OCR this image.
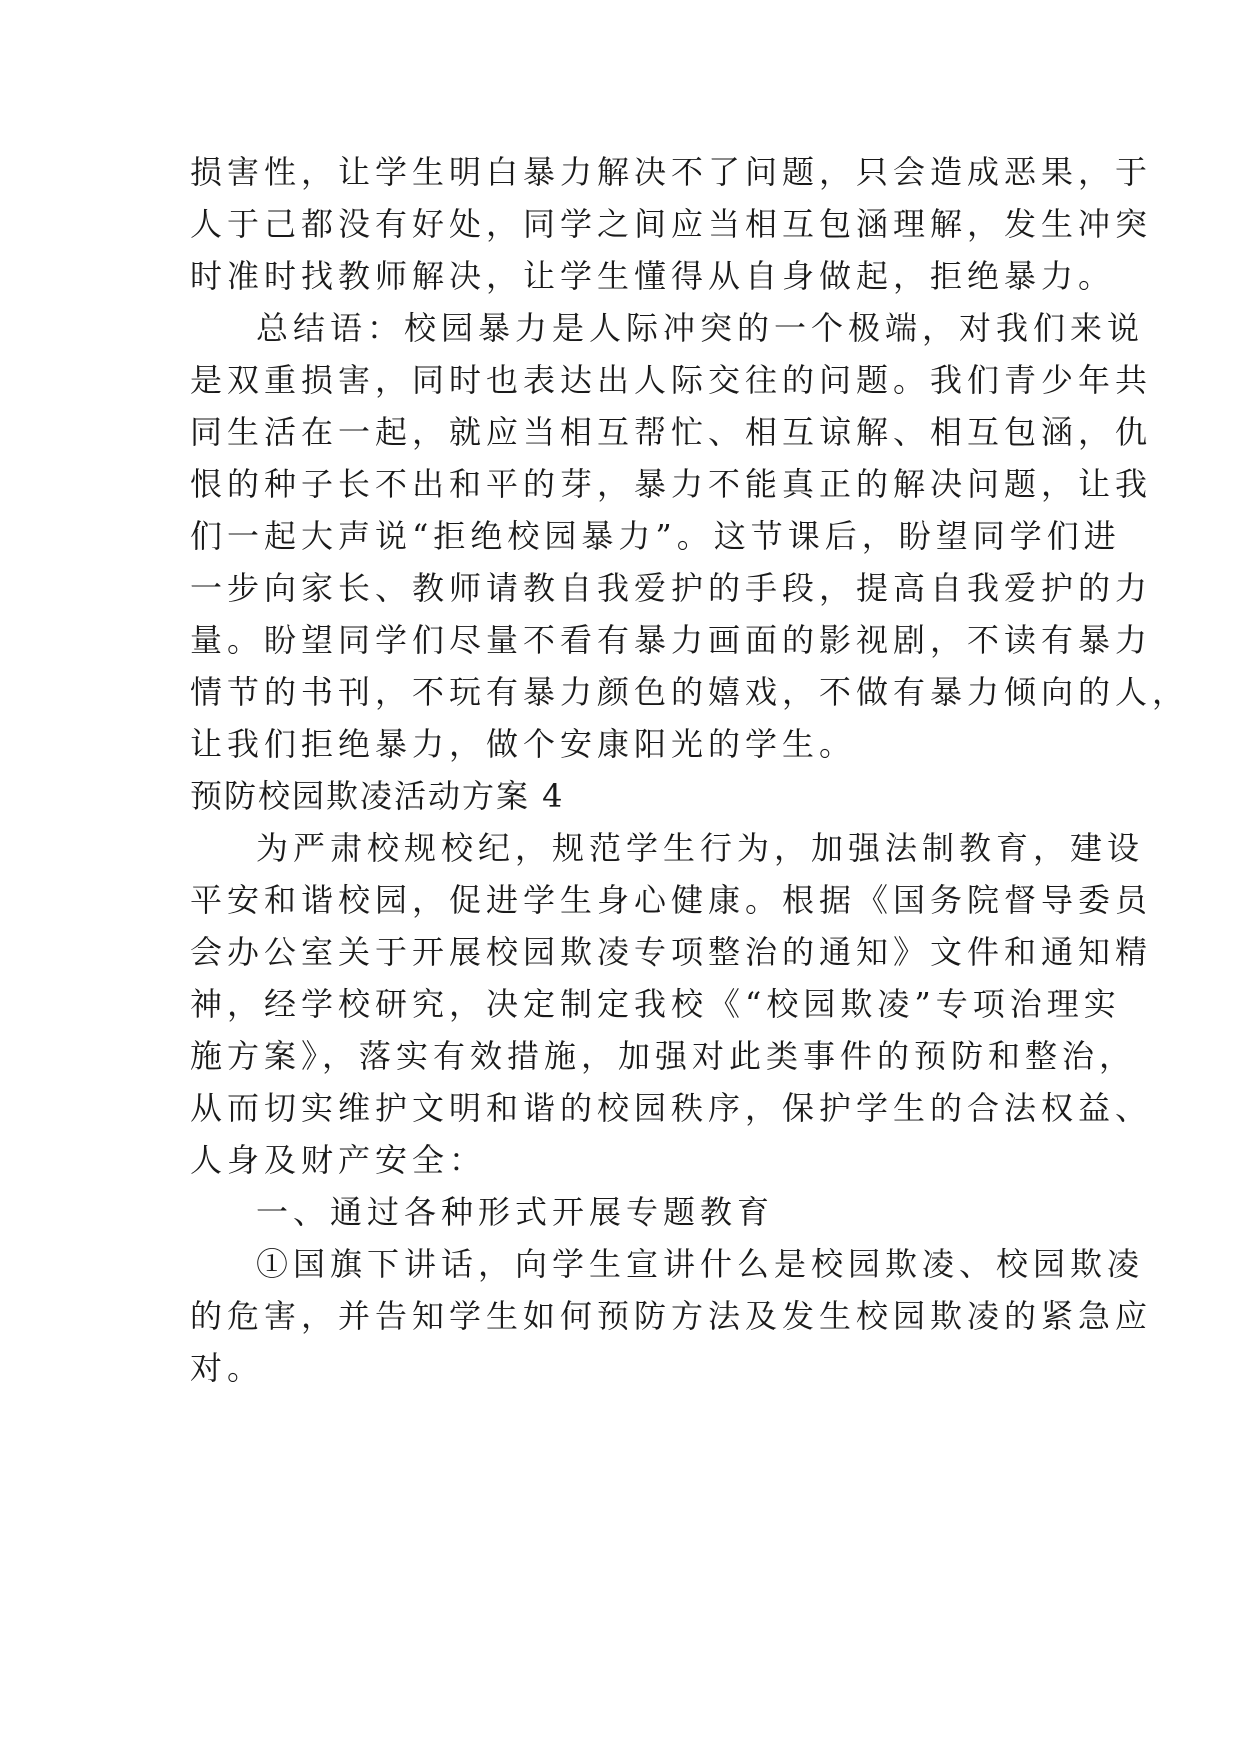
损害性，让学生明白暴力解决不了问题，只会造成恶果，于
人于己都没有好处，同学之间应当相互包涵理解，发生冲突
时准时找教师解决，让学生懂得从自身做起，拒绝暴力。
总结语：校园暴力是人际冲突的一个极端，对我们来说
是双重损害，同时也表达出人际交往的问题。我们青少年共
同生活在一起，就应当相互帮忙、相互谅解、相互包涵，仇
恨的种子长不出和平的芽，暴力不能真正的解决问题，让我
们一起大声说“拒绝校园暴力”。这节课后，盼望同学们进
一步向家长、教师请教自我爱护的手段，提高自我爱护的力
量。盼望同学们尽量不看有暴力画面的影视剧，不读有暴力
情节的书刊，不玩有暴力颜色的嬉戏，不做有暴力倾向的人，
让我们拒绝暴力，做个安康阳光的学生。
预防校园欺凌活动方案 4
为严肃校规校纪，规范学生行为，加强法制教育，建设
平安和谐校园，促进学生身心健康。根据《国务院督导委员
会办公室关于开展校园欺凌专项整治的通知》文件和通知精
神，经学校研究，决定制定我校《“校园欺凌”专项治理实
施方案》，落实有效措施，加强对此类事件的预防和整治，
从而切实维护文明和谐的校园秩序，保护学生的合法权益、
人身及财产安全：
一、通过各种形式开展专题教育
①国旗下讲话，向学生宣讲什么是校园欺凌、校园欺凌
的危害，并告知学生如何预防方法及发生校园欺凌的紧急应
对。
